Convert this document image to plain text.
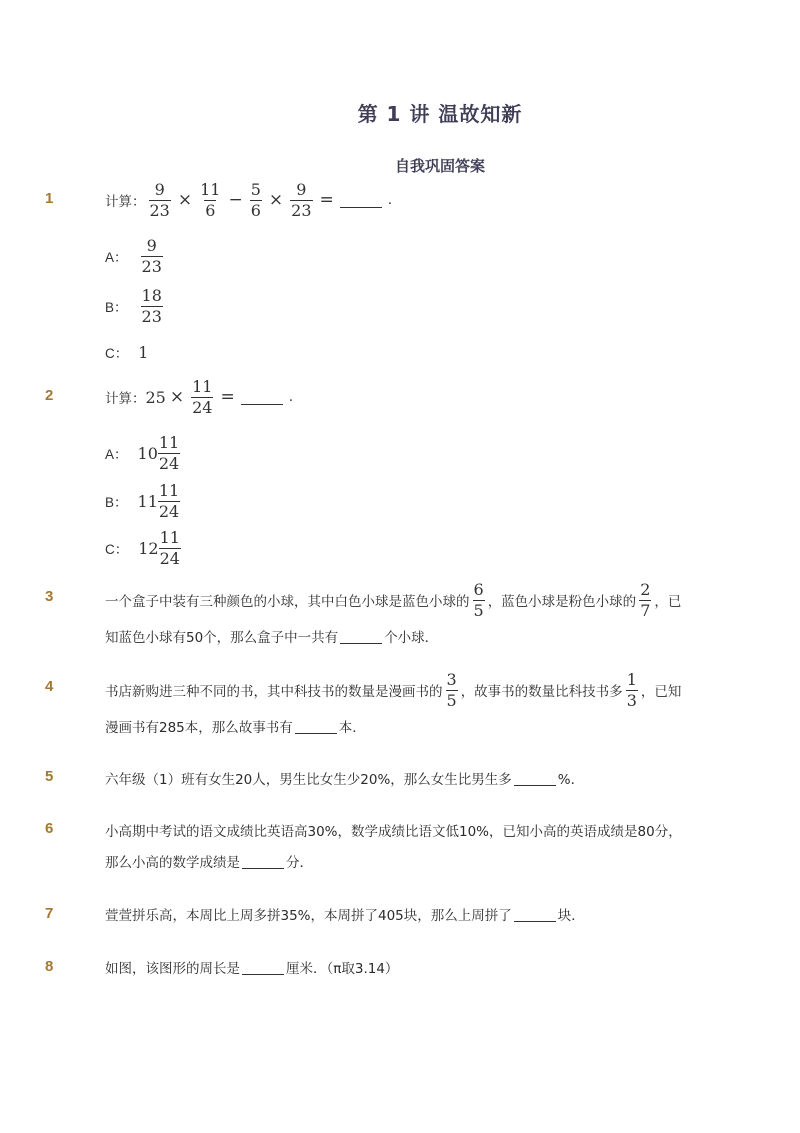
第 1 讲 温故知新
自我巩固答案
1	计算： $\frac{9}{23} \times \frac{11}{6} - \frac{5}{6} \times \frac{9}{23}$ =	.
A： $\frac{9}{23}$
B： $\frac{18}{23}$
C： 1
2	计算： $25 \times \frac{11}{24}$ =	.
A： $10 \frac{11}{24}$
B： $11 \frac{11}{24}$
C： $12 \frac{11}{24}$
3	一个盒子中装有三种颜色的小球，其中白色小球是蓝色小球的 $\frac{6}{5}$ ，蓝色小球是粉色小球的 $\frac{2}{7}$ ，已
知蓝色小球有50个，那么盒子中一共有	个小球．
4	书店新购进三种不同的书，其中科技书的数量是漫画书的 $\frac{3}{5}$ ，故事书的数量比科技书多 $\frac{1}{3}$ ，已知
漫画书有285本，那么故事书有	本．
5	六年级（1）班有女生20人，男生比女生少20%，那么女生比男生多	%．
6	小高期中考试的语文成绩比英语高30%，数学成绩比语文低10%，已知小高的英语成绩是80分，
那么小高的数学成绩是	分．
7	萱萱拼乐高，本周比上周多拼35%，本周拼了405块，那么上周拼了	块．
8	如图，该图形的周长是	厘米．（π取3.14）
